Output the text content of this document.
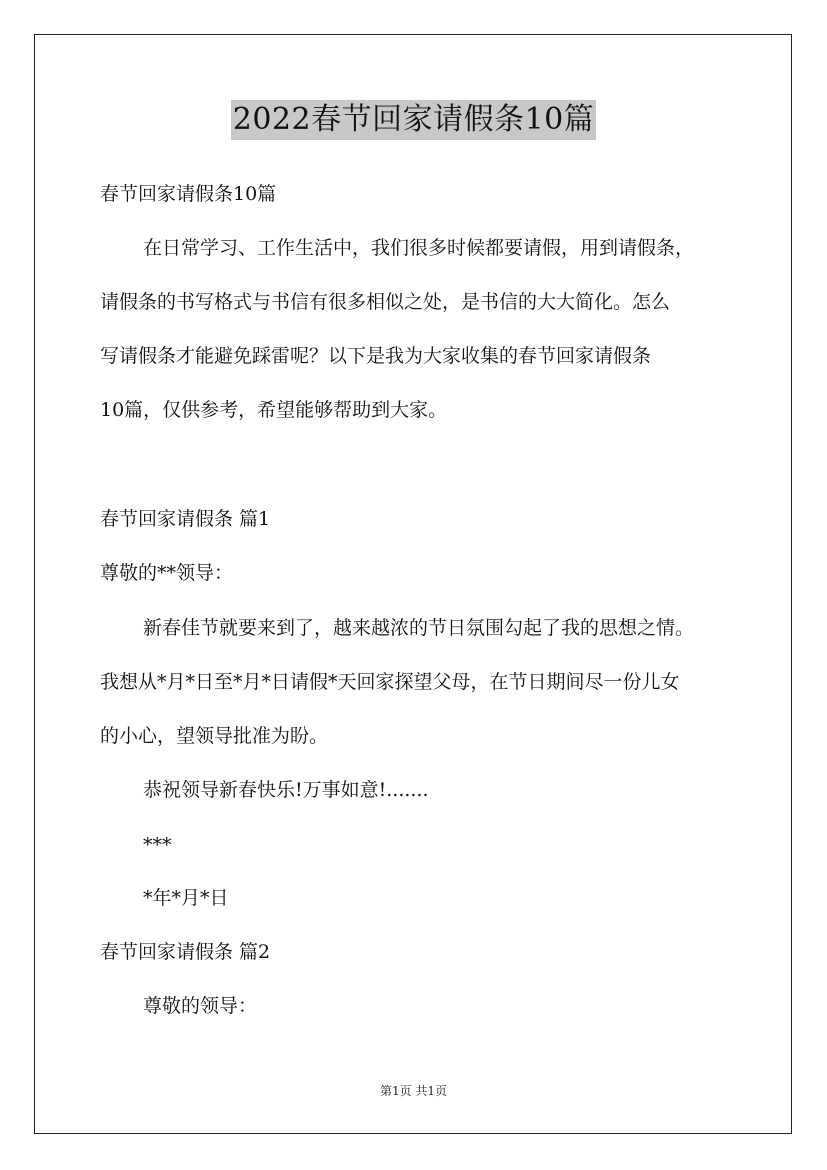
2022春节回家请假条10篇
春节回家请假条10篇
在日常学习、工作生活中，我们很多时候都要请假，用到请假条，
请假条的书写格式与书信有很多相似之处，是书信的大大简化。怎么
写请假条才能避免踩雷呢？以下是我为大家收集的春节回家请假条
10篇，仅供参考，希望能够帮助到大家。
春节回家请假条 篇1
尊敬的**领导：
新春佳节就要来到了，越来越浓的节日氛围勾起了我的思想之情。
我想从*月*日至*月*日请假*天回家探望父母，在节日期间尽一份儿女
的小心，望领导批准为盼。
恭祝领导新春快乐!万事如意!.......
***
*年*月*日
春节回家请假条 篇2
尊敬的领导：
第1页 共1页
